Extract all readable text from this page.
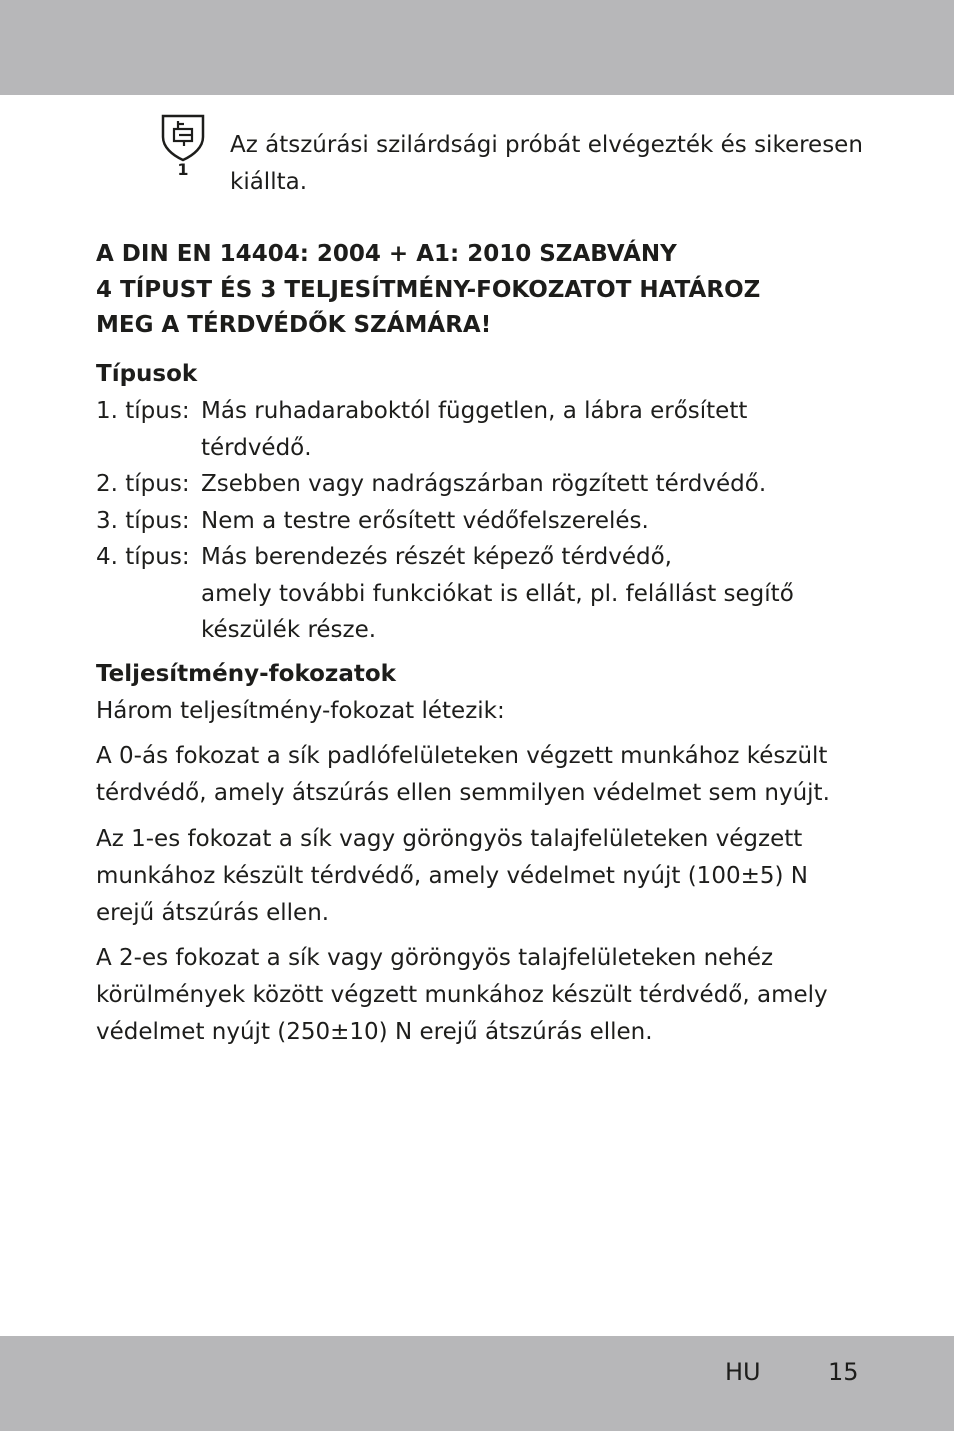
1

Az átszúrási szilárdsági próbát elvégezték és sikeresen kiállta.

A DIN EN 14404: 2004 + A1: 2010 SZABVÁNY
4 TÍPUST ÉS 3 TELJESÍTMÉNY-FOKOZATOT HATÁROZ
MEG A TÉRDVÉDŐK SZÁMÁRA!
Típusok
1. típus: Más ruhadaraboktól független, a lábra erősített
térdvédő.
2. típus: Zsebben vagy nadrágszárban rögzített térdvédő.
3. típus: Nem a testre erősített védőfelszerelés.
4. típus: Más berendezés részét képező térdvédő,
amely további funkciókat is ellát, pl. felállást segítő
készülék része.
Teljesítmény-fokozatok

Három teljesítmény-fokozat létezik:

A 0-ás fokozat a sík padlófelületeken végzett munkához készült
térdvédő, amely átszúrás ellen semmilyen védelmet sem nyújt.

Az 1-es fokozat a sík vagy göröngyös talajfelületeken végzett
munkához készült térdvédő, amely védelmet nyújt (100±5) N
erejű átszúrás ellen.

A 2-es fokozat a sík vagy göröngyös talajfelületeken nehéz
körülmények között végzett munkához készült térdvédő, amely
védelmet nyújt (250±10) N erejű átszúrás ellen.

HU	15
